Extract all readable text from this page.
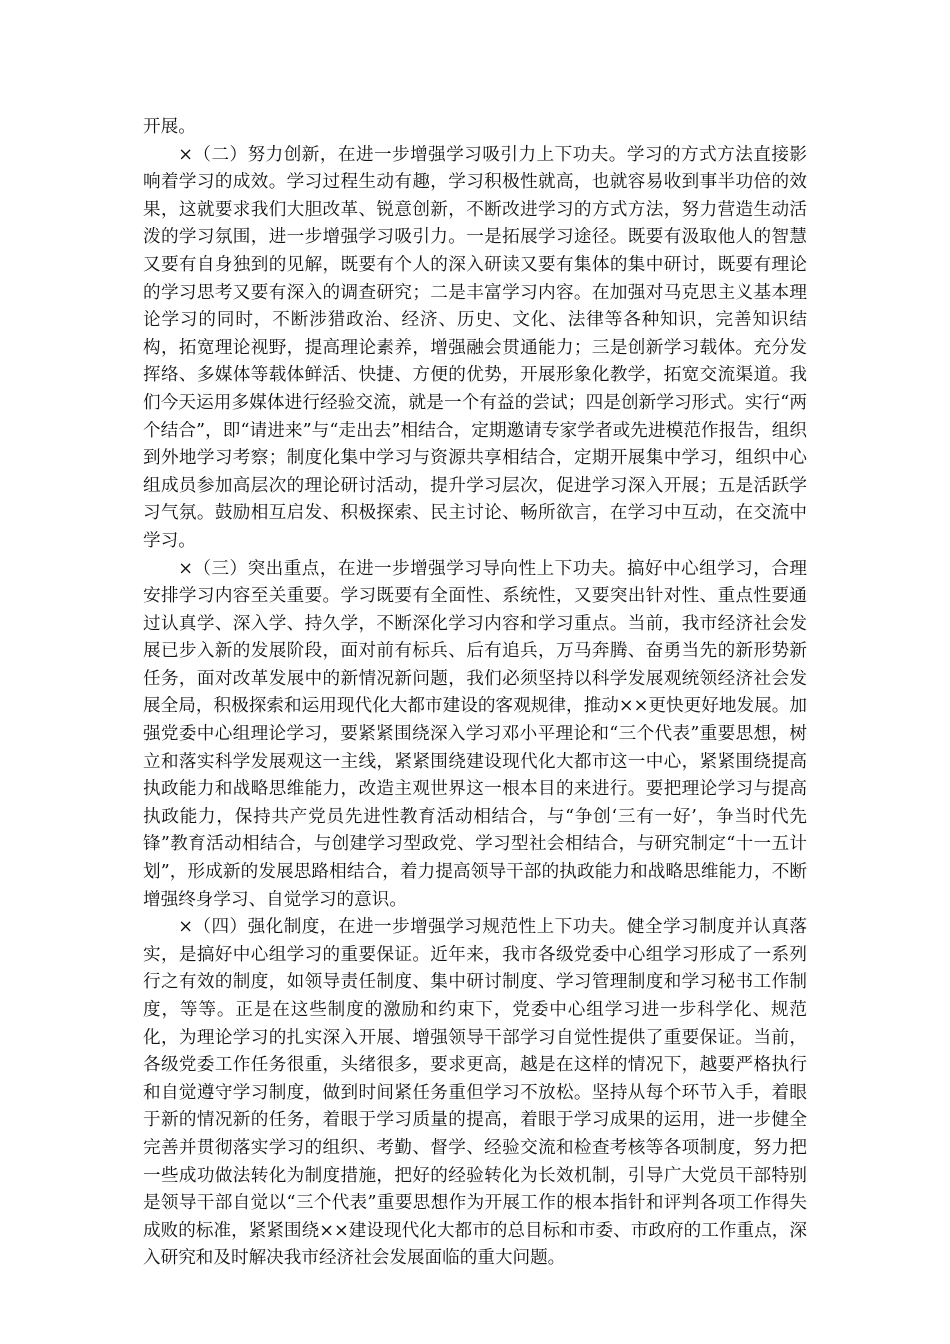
开展。

×（二）努力创新，在进一步增强学习吸引力上下功夫。学习的方式方法直接影响着学习的成效。学习过程生动有趣，学习积极性就高，也就容易收到事半功倍的效果，这就要求我们大胆改革、锐意创新，不断改进学习的方式方法，努力营造生动活泼的学习氛围，进一步增强学习吸引力。一是拓展学习途径。既要有汲取他人的智慧又要有自身独到的见解，既要有个人的深入研读又要有集体的集中研讨，既要有理论的学习思考又要有深入的调查研究；二是丰富学习内容。在加强对马克思主义基本理论学习的同时，不断涉猎政治、经济、历史、文化、法律等各种知识，完善知识结构，拓宽理论视野，提高理论素养，增强融会贯通能力；三是创新学习载体。充分发挥络、多媒体等载体鲜活、快捷、方便的优势，开展形象化教学，拓宽交流渠道。我们今天运用多媒体进行经验交流，就是一个有益的尝试；四是创新学习形式。实行“两个结合”，即“请进来”与“走出去”相结合，定期邀请专家学者或先进模范作报告，组织到外地学习考察；制度化集中学习与资源共享相结合，定期开展集中学习，组织中心组成员参加高层次的理论研讨活动，提升学习层次，促进学习深入开展；五是活跃学习气氛。鼓励相互启发、积极探索、民主讨论、畅所欲言，在学习中互动，在交流中学习。

×（三）突出重点，在进一步增强学习导向性上下功夫。搞好中心组学习，合理安排学习内容至关重要。学习既要有全面性、系统性，又要突出针对性、重点性要通过认真学、深入学、持久学，不断深化学习内容和学习重点。当前，我市经济社会发展已步入新的发展阶段，面对前有标兵、后有追兵，万马奔腾、奋勇当先的新形势新任务，面对改革发展中的新情况新问题，我们必须坚持以科学发展观统领经济社会发展全局，积极探索和运用现代化大都市建设的客观规律，推动××更快更好地发展。加强党委中心组理论学习，要紧紧围绕深入学习邓小平理论和“三个代表”重要思想，树立和落实科学发展观这一主线，紧紧围绕建设现代化大都市这一中心，紧紧围绕提高执政能力和战略思维能力，改造主观世界这一根本目的来进行。要把理论学习与提高执政能力，保持共产党员先进性教育活动相结合，与“争创‘三有一好’，争当时代先锋”教育活动相结合，与创建学习型政党、学习型社会相结合，与研究制定“十一五计划”，形成新的发展思路相结合，着力提高领导干部的执政能力和战略思维能力，不断增强终身学习、自觉学习的意识。

×（四）强化制度，在进一步增强学习规范性上下功夫。健全学习制度并认真落实，是搞好中心组学习的重要保证。近年来，我市各级党委中心组学习形成了一系列行之有效的制度，如领导责任制度、集中研讨制度、学习管理制度和学习秘书工作制度，等等。正是在这些制度的激励和约束下，党委中心组学习进一步科学化、规范化，为理论学习的扎实深入开展、增强领导干部学习自觉性提供了重要保证。当前，各级党委工作任务很重，头绪很多，要求更高，越是在这样的情况下，越要严格执行和自觉遵守学习制度，做到时间紧任务重但学习不放松。坚持从每个环节入手，着眼于新的情况新的任务，着眼于学习质量的提高，着眼于学习成果的运用，进一步健全完善并贯彻落实学习的组织、考勤、督学、经验交流和检查考核等各项制度，努力把一些成功做法转化为制度措施，把好的经验转化为长效机制，引导广大党员干部特别是领导干部自觉以“三个代表”重要思想作为开展工作的根本指针和评判各项工作得失成败的标准，紧紧围绕××建设现代化大都市的总目标和市委、市政府的工作重点，深入研究和及时解决我市经济社会发展面临的重大问题。
